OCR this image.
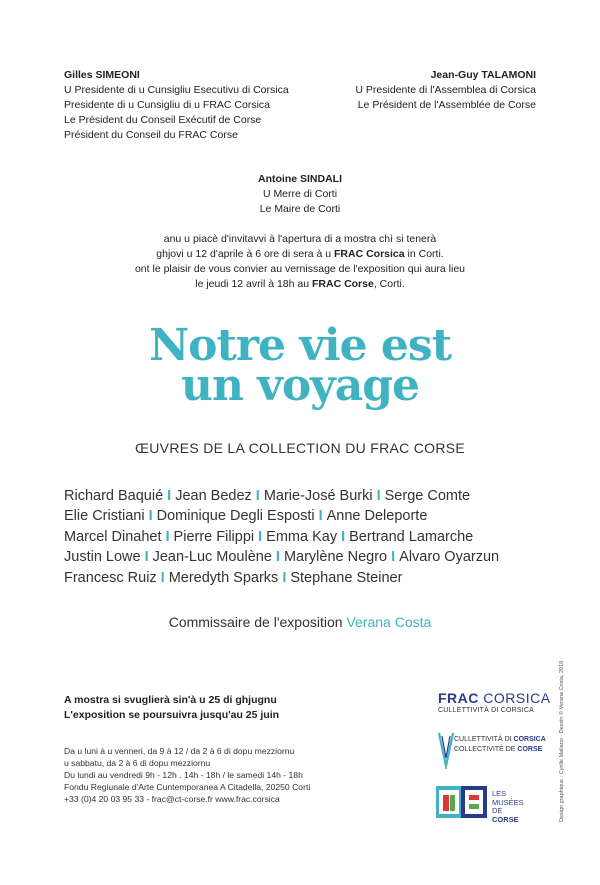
Gilles SIMEONI
U Presidente di u Cunsigliu Esecutivu di Corsica
Presidente di u Cunsigliu di u FRAC Corsica
Le Président du Conseil Exécutif de Corse
Président du Conseil du FRAC Corse
Jean-Guy TALAMONI
U Presidente di l'Assemblea di Corsica
Le Président de l'Assemblée de Corse
Antoine SINDALI
U Merre di Corti
Le Maire de Corti
anu u piacè d'invitavvi à l'apertura di a mostra chì si tenerà
ghjovi u 12 d'aprile à 6 ore di sera à u FRAC Corsica in Corti.
ont le plaisir de vous convier au vernissage de l'exposition qui aura lieu
le jeudi 12 avril à 18h au FRAC Corse, Corti.
Notre vie est
un voyage
ŒUVRES DE LA COLLECTION DU FRAC CORSE
Richard Baquié I Jean Bedez I Marie-José Burki I Serge Comte
Elie Cristiani I Dominique Degli Esposti I Anne Deleporte
Marcel Dinahet I Pierre Filippi I Emma Kay I Bertrand Lamarche
Justin Lowe I Jean-Luc Moulène I Marylène Negro I Alvaro Oyarzun
Francesc Ruiz I Meredyth Sparks I Stephane Steiner
Commissaire de l'exposition Verana Costa
A mostra si svuglierà sin'à u 25 di ghjugnu
L'exposition se poursuivra jusqu'au 25 juin
Da u luni à u venneri, da 9 à 12 / da 2 à 6 di dopu mezziornu
u sabbatu, da 2 à 6 di dopu mezziornu
Du lundi au vendredi 9h - 12h . 14h - 18h / le samedi 14h - 18h
Fondu Regiunale d'Arte Cuntemporanea A Citadella, 20250 Corti
+33 (0)4 20 03 95 33 - frac@ct-corse.fr www.frac.corsica	Design graphique : Cyrille Maliano - Dessin © Verana Costa, 2018
FRAC CORSICA
CULLETTIVITÀ DI CORSICA
CULLETTIVITÀ DI CORSICA
COLLECTIVITÉ DE CORSE
LES
MUSÉES
DE
CORSE
